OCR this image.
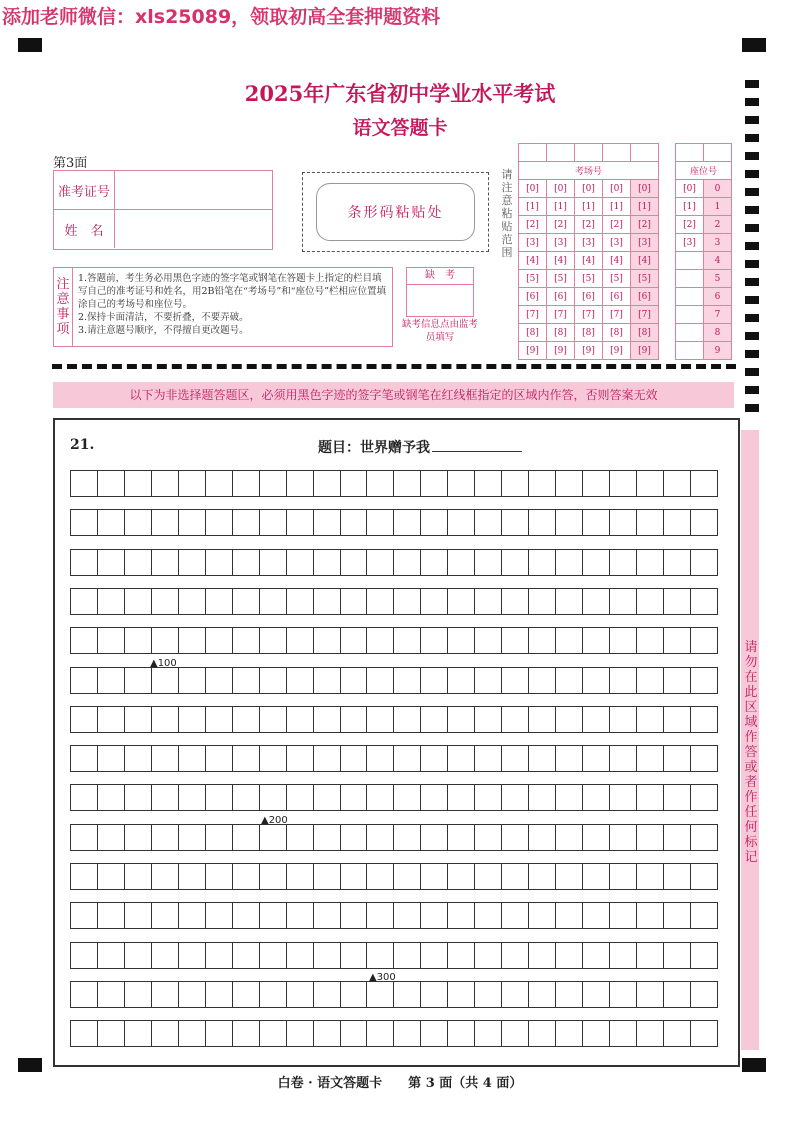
添加老师微信：xls25089，领取初高全套押题资料
2025年广东省初中学业水平考试
语文答题卡
第3面
准考证号
姓　名
条形码粘贴处
注
意
事
项
1.答题前，考生务必用黑色字迹的签字笔或钢笔在答题卡上指定的栏目填写自己的准考证号和姓名，用2B铅笔在“考场号”和“座位号”栏相应位置填涂自己的考场号和座位号。
2.保持卡面清洁，不要折叠，不要弄破。
3.请注意题号顺序，不得擅自更改题号。
缺　考
缺考信息点由监考员填写
请
注
意
粘
贴
范
围

考场号				
[0]	[0]	[0]	[0]	[0]
[1]	[1]	[1]	[1]	[1]
[2]	[2]	[2]	[2]	[2]
[3]	[3]	[3]	[3]	[3]
[4]	[4]	[4]	[4]	[4]
[5]	[5]	[5]	[5]	[5]
[6]	[6]	[6]	[6]	[6]
[7]	[7]	[7]	[7]	[7]
[8]	[8]	[8]	[8]	[8]
[9]	[9]	[9]	[9]	[9]

座位号	
[0]	0
[1]	1
[2]	2
[3]	3
	4
	5
	6
	7
	8
	9
以下为非选择题答题区，必须用黑色字迹的签字笔或钢笔在红线框指定的区域内作答，否则答案无效
21.	题目：世界赠予我
▲100
▲200
▲300
请勿在此区域作答或者作任何标记
白卷 · 语文答题卡　　第 3 面（共 4 面）
